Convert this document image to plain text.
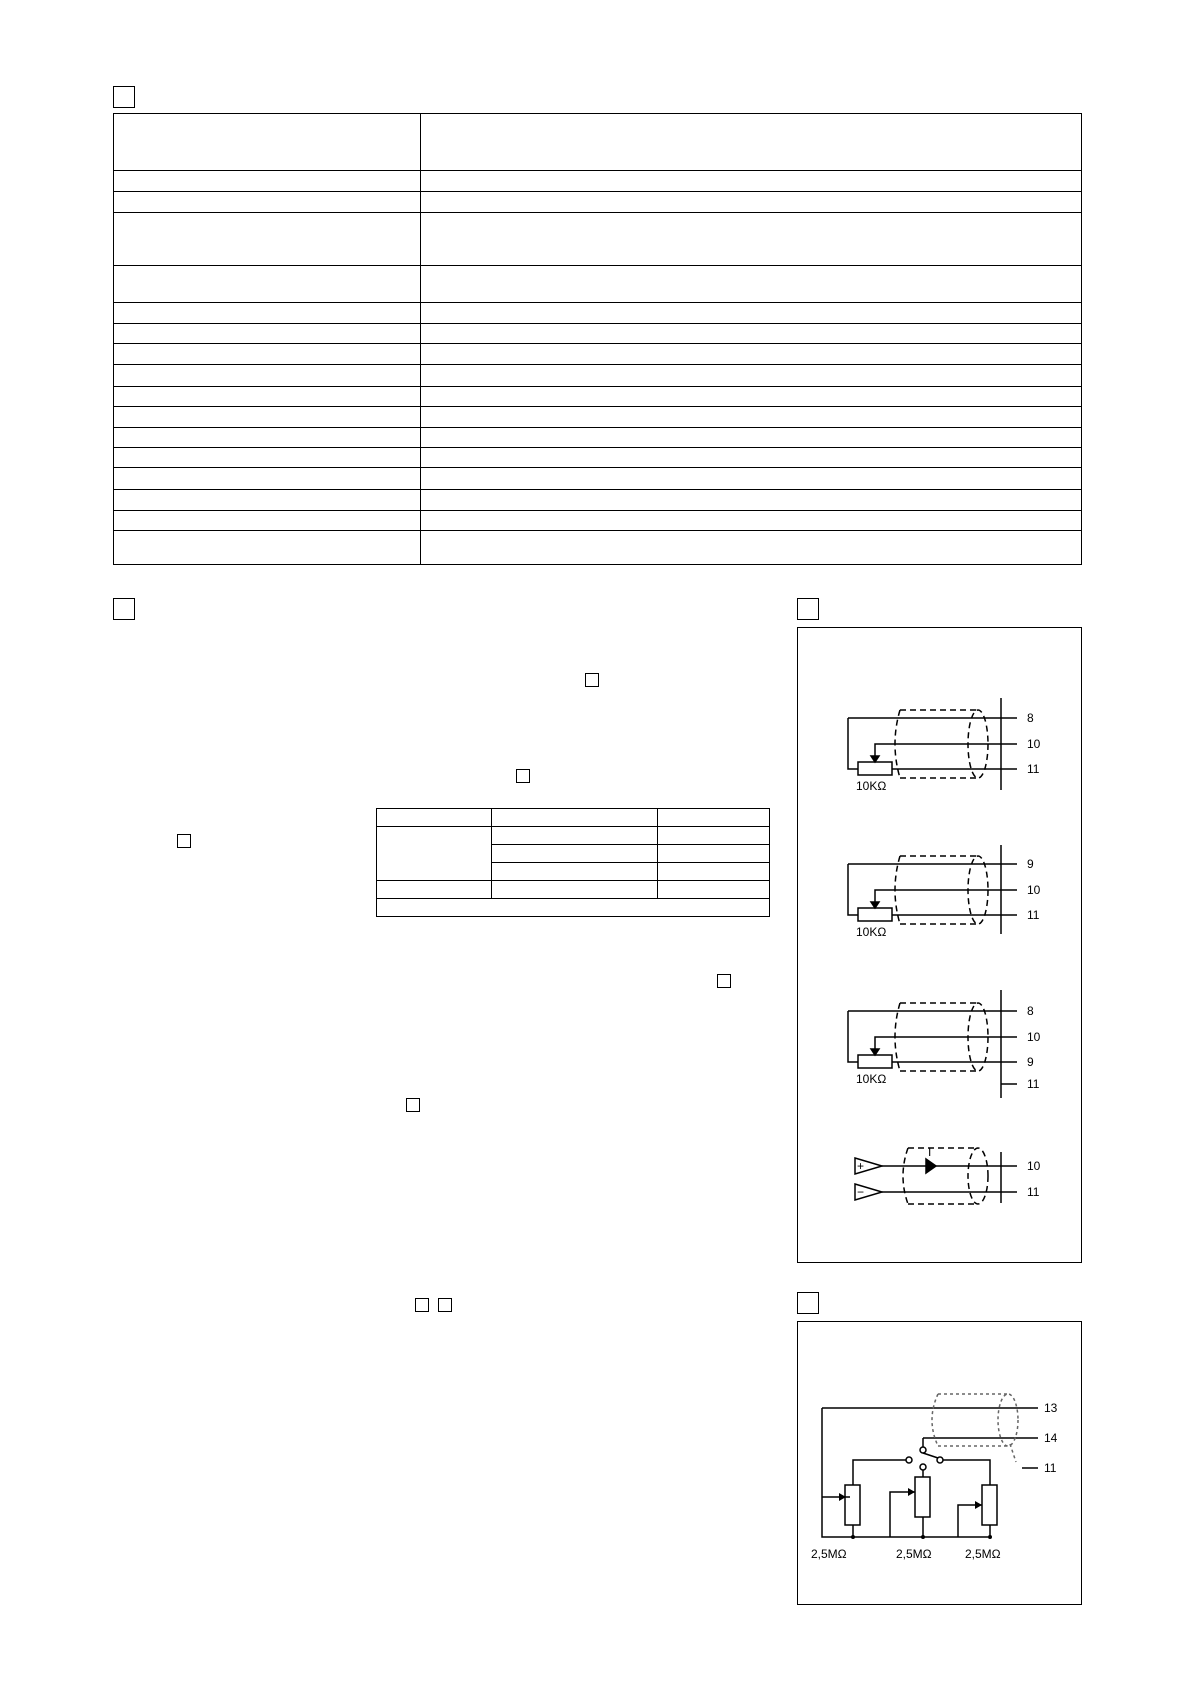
8
10
11
10KΩ
9
10
11
10KΩ
8
10
9
11
10KΩ
10
11
+
−
I
13
14
11
2,5MΩ	2,5MΩ	2,5MΩ
